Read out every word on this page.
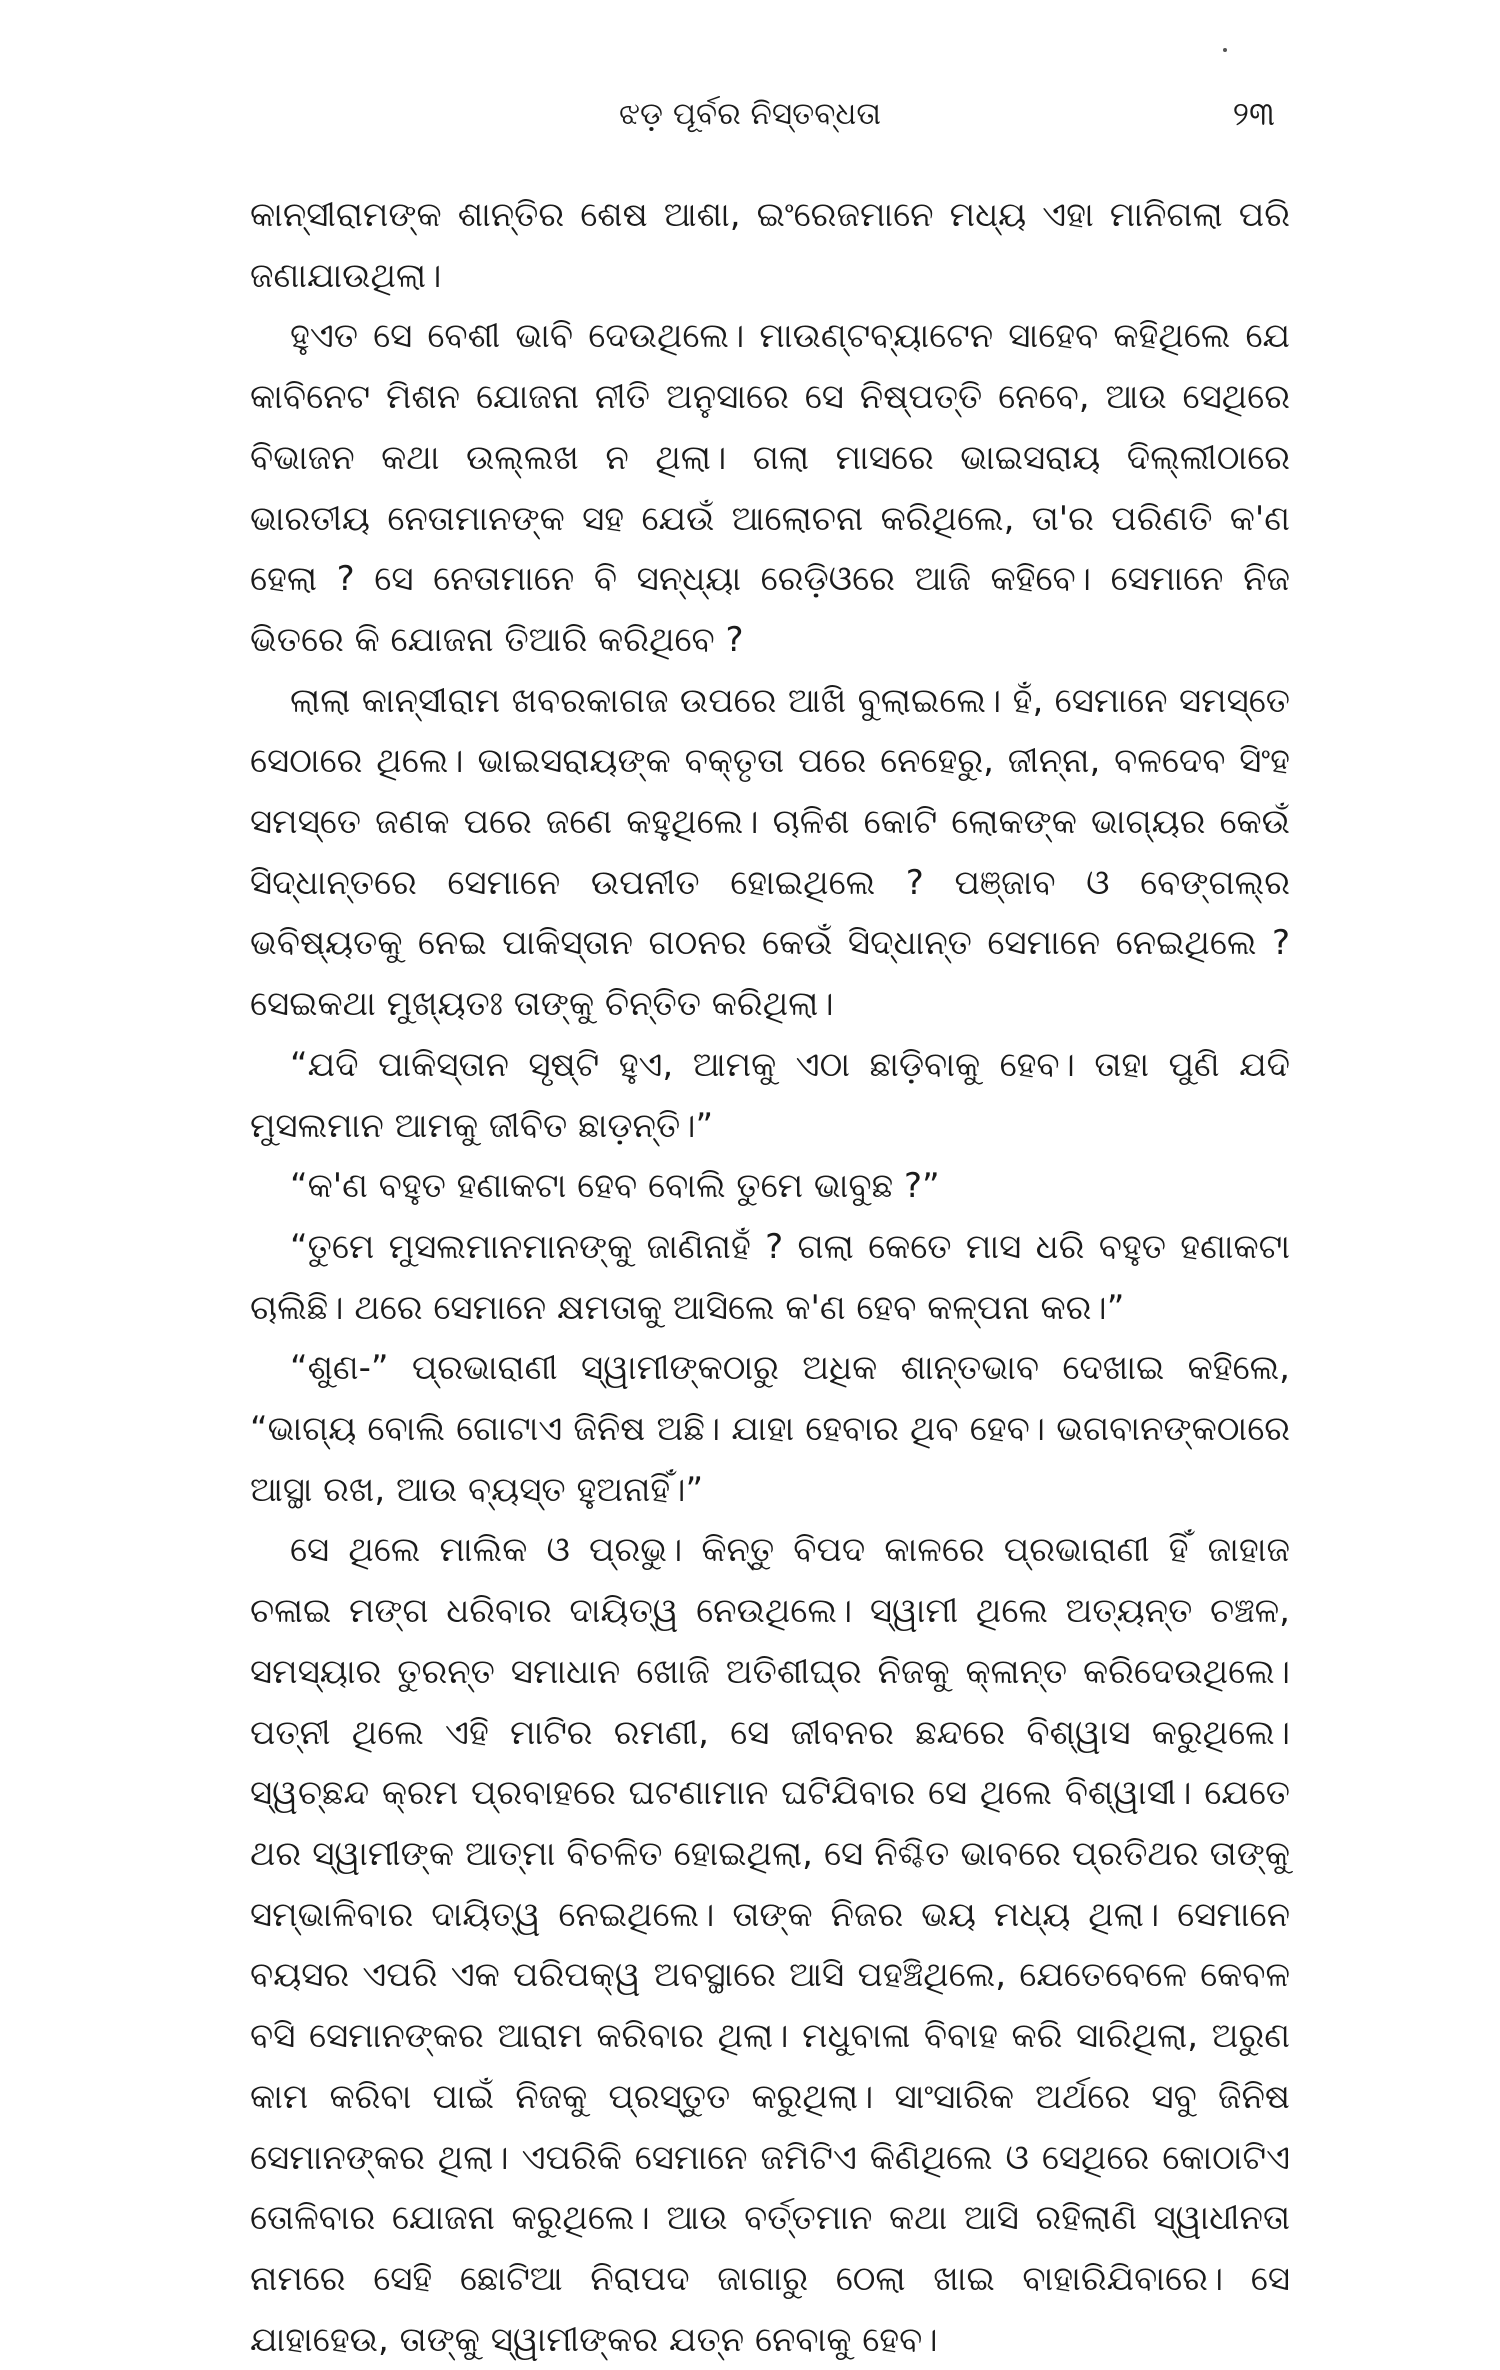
ଝଡ଼ ପୂର୍ବର ନିସ୍ତବ୍ଧତା	୨୩

କାନ୍‌ସୀରାମଙ୍କ ଶାନ୍ତିର ଶେଷ ଆଶା, ଇଂରେଜମାନେ ମଧ୍ୟ ଏହା ମାନିଗଲା ପରି ଜଣାଯାଉଥିଲା।

ହୁଏତ ସେ ବେଶୀ ଭାବି ଦେଉଥିଲେ। ମାଉଣ୍ଟବ୍ୟାଟେନ ସାହେବ କହିଥିଲେ ଯେ କାବିନେଟ ମିଶନ ଯୋଜନା ନୀତି ଅନୁସାରେ ସେ ନିଷ୍ପତ୍ତି ନେବେ, ଆଉ ସେଥିରେ ବିଭାଜନ କଥା ଉଲ୍ଲଖ ନ ଥିଲା। ଗଲା ମାସରେ ଭାଇସରାୟ ଦିଲ୍ଲୀଠାରେ ଭାରତୀୟ ନେତାମାନଙ୍କ ସହ ଯେଉଁ ଆଲୋଚନା କରିଥିଲେ, ତା'ର ପରିଣତି କ'ଣ ହେଲା ? ସେ ନେତାମାନେ ବି ସନ୍ଧ୍ୟା ରେଡ଼ିଓରେ ଆଜି କହିବେ। ସେମାନେ ନିଜ ଭିତରେ କି ଯୋଜନା ତିଆରି କରିଥିବେ ?

ଲାଲା କାନ୍‌ସୀରାମ ଖବରକାଗଜ ଉପରେ ଆଖି ବୁଲାଇଲେ। ହଁ, ସେମାନେ ସମସ୍ତେ ସେଠାରେ ଥିଲେ। ଭାଇସରାୟଙ୍କ ବକ୍ତୃତା ପରେ ନେହେରୁ, ଜୀନ୍ନା, ବଳଦେବ ସିଂହ ସମସ୍ତେ ଜଣକ ପରେ ଜଣେ କହୁଥିଲେ। ଚାଳିଶ କୋଟି ଲୋକଙ୍କ ଭାଗ୍ୟର କେଉଁ ସିଦ୍ଧାନ୍ତରେ ସେମାନେ ଉପନୀତ ହୋଇଥିଲେ ? ପଞ୍ଜାବ ଓ ବେଙ୍ଗଲ୍‌ର ଭବିଷ୍ୟତକୁ ନେଇ ପାକିସ୍ତାନ ଗଠନର କେଉଁ ସିଦ୍ଧାନ୍ତ ସେମାନେ ନେଇଥିଲେ ? ସେଇକଥା ମୁଖ୍ୟତଃ ତାଙ୍କୁ ଚିନ୍ତିତ କରିଥିଲା।

“ଯଦି ପାକିସ୍ତାନ ସୃଷ୍ଟି ହୁଏ, ଆମକୁ ଏଠା ଛାଡ଼ିବାକୁ ହେବ। ତାହା ପୁଣି ଯଦି ମୁସଲମାନ ଆମକୁ ଜୀବିତ ଛାଡ଼ନ୍ତି।”

“କ'ଣ ବହୁତ ହଣାକଟା ହେବ ବୋଲି ତୁମେ ଭାବୁଛ ?”

“ତୁମେ ମୁସଲମାନମାନଙ୍କୁ ଜାଣିନାହଁ ? ଗଲା କେତେ ମାସ ଧରି ବହୁତ ହଣାକଟା ଚାଲିଛି। ଥରେ ସେମାନେ କ୍ଷମତାକୁ ଆସିଲେ କ'ଣ ହେବ କଳ୍ପନା କର।”

“ଶୁଣ-” ପ୍ରଭାରାଣୀ ସ୍ୱାମୀଙ୍କଠାରୁ ଅଧିକ ଶାନ୍ତଭାବ ଦେଖାଇ କହିଲେ, “ଭାଗ୍ୟ ବୋଲି ଗୋଟାଏ ଜିନିଷ ଅଛି। ଯାହା ହେବାର ଥିବ ହେବ। ଭଗବାନଙ୍କଠାରେ ଆସ୍ଥା ରଖ, ଆଉ ବ୍ୟସ୍ତ ହୁଅନାହିଁ।”

ସେ ଥିଲେ ମାଲିକ ଓ ପ୍ରଭୁ। କିନ୍ତୁ ବିପଦ କାଳରେ ପ୍ରଭାରାଣୀ ହିଁ ଜାହାଜ ଚଳାଇ ମଙ୍ଗ ଧରିବାର ଦାୟିତ୍ୱ ନେଉଥିଲେ। ସ୍ୱାମୀ ଥିଲେ ଅତ୍ୟନ୍ତ ଚଞ୍ଚଳ, ସମସ୍ୟାର ତୁରନ୍ତ ସମାଧାନ ଖୋଜି ଅତିଶୀଘ୍ର ନିଜକୁ କ୍ଳାନ୍ତ କରିଦେଉଥିଲେ। ପତ୍ନୀ ଥିଲେ ଏହି ମାଟିର ରମଣୀ, ସେ ଜୀବନର ଛନ୍ଦରେ ବିଶ୍ୱାସ କରୁଥିଲେ। ସ୍ୱଚ୍ଛନ୍ଦ କ୍ରମ ପ୍ରବାହରେ ଘଟଣାମାନ ଘଟିଯିବାର ସେ ଥିଲେ ବିଶ୍ୱାସୀ। ଯେତେ ଥର ସ୍ୱାମୀଙ୍କ ଆତ୍ମା ବିଚଳିତ ହୋଇଥିଲା, ସେ ନିଶ୍ଚିତ ଭାବରେ ପ୍ରତିଥର ତାଙ୍କୁ ସମ୍ଭାଳିବାର ଦାୟିତ୍ୱ ନେଇଥିଲେ। ତାଙ୍କ ନିଜର ଭୟ ମଧ୍ୟ ଥିଲା। ସେମାନେ ବୟସର ଏପରି ଏକ ପରିପକ୍ୱ ଅବସ୍ଥାରେ ଆସି ପହଞ୍ଚିଥିଲେ, ଯେତେବେଳେ କେବଳ ବସି ସେମାନଙ୍କର ଆରାମ କରିବାର ଥିଲା। ମଧୁବାଳା ବିବାହ କରି ସାରିଥିଲା, ଅରୁଣ କାମ କରିବା ପାଇଁ ନିଜକୁ ପ୍ରସ୍ତୁତ କରୁଥିଲା। ସାଂସାରିକ ଅର୍ଥରେ ସବୁ ଜିନିଷ ସେମାନଙ୍କର ଥିଲା। ଏପରିକି ସେମାନେ ଜମିଟିଏ କିଣିଥିଲେ ଓ ସେଥିରେ କୋଠାଟିଏ ତୋଳିବାର ଯୋଜନା କରୁଥିଲେ। ଆଉ ବର୍ତ୍ତମାନ କଥା ଆସି ରହିଲାଣି ସ୍ୱାଧୀନତା ନାମରେ ସେହି ଛୋଟିଆ ନିରାପଦ ଜାଗାରୁ ଠେଲା ଖାଇ ବାହାରିଯିବାରେ। ସେ ଯାହାହେଉ, ତାଙ୍କୁ ସ୍ୱାମୀଙ୍କର ଯତ୍ନ ନେବାକୁ ହେବ।
